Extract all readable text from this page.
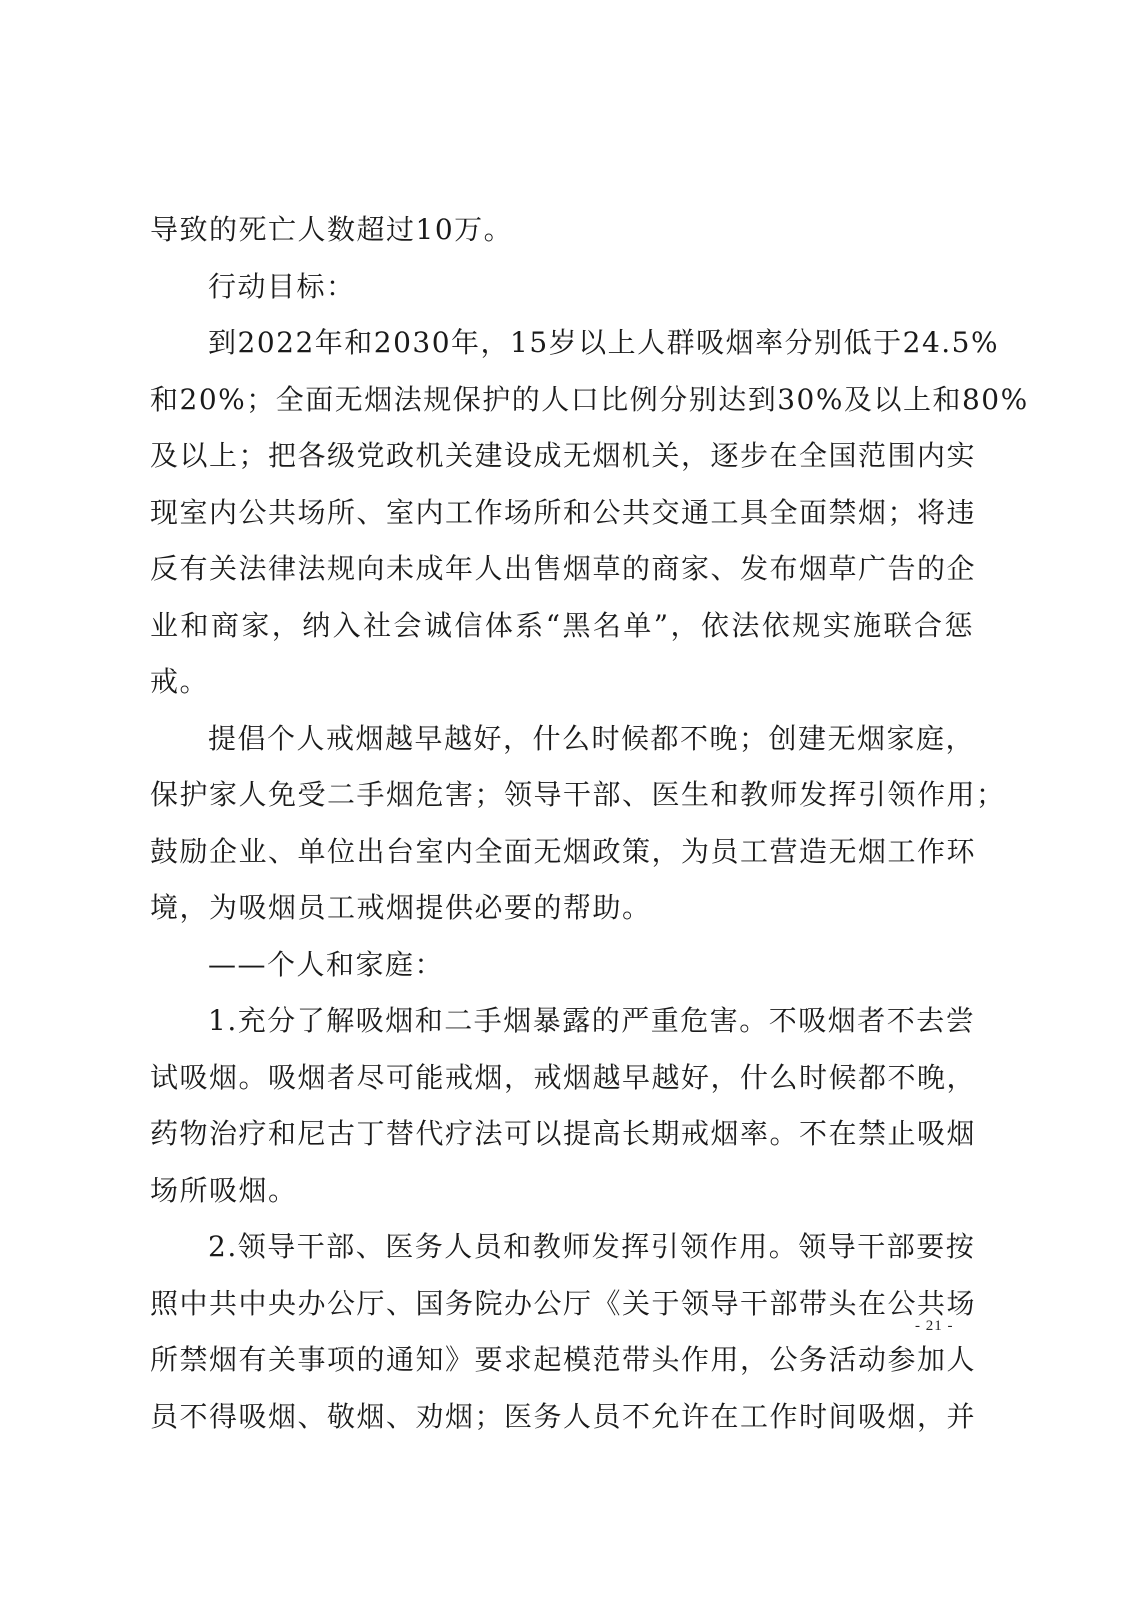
导致的死亡人数超过10万。
行动目标：
到2022年和2030年，15岁以上人群吸烟率分别低于24.5%
和20%；全面无烟法规保护的人口比例分别达到30%及以上和80%
及以上；把各级党政机关建设成无烟机关，逐步在全国范围内实
现室内公共场所、室内工作场所和公共交通工具全面禁烟；将违
反有关法律法规向未成年人出售烟草的商家、发布烟草广告的企
业和商家，纳入社会诚信体系“黑名单”，依法依规实施联合惩
戒。
提倡个人戒烟越早越好，什么时候都不晚；创建无烟家庭，
保护家人免受二手烟危害；领导干部、医生和教师发挥引领作用；
鼓励企业、单位出台室内全面无烟政策，为员工营造无烟工作环
境，为吸烟员工戒烟提供必要的帮助。
——个人和家庭：
1.充分了解吸烟和二手烟暴露的严重危害。不吸烟者不去尝
试吸烟。吸烟者尽可能戒烟，戒烟越早越好，什么时候都不晚，
药物治疗和尼古丁替代疗法可以提高长期戒烟率。不在禁止吸烟
场所吸烟。
2.领导干部、医务人员和教师发挥引领作用。领导干部要按
照中共中央办公厅、国务院办公厅《关于领导干部带头在公共场
所禁烟有关事项的通知》要求起模范带头作用，公务活动参加人
员不得吸烟、敬烟、劝烟；医务人员不允许在工作时间吸烟，并
- 21 -
